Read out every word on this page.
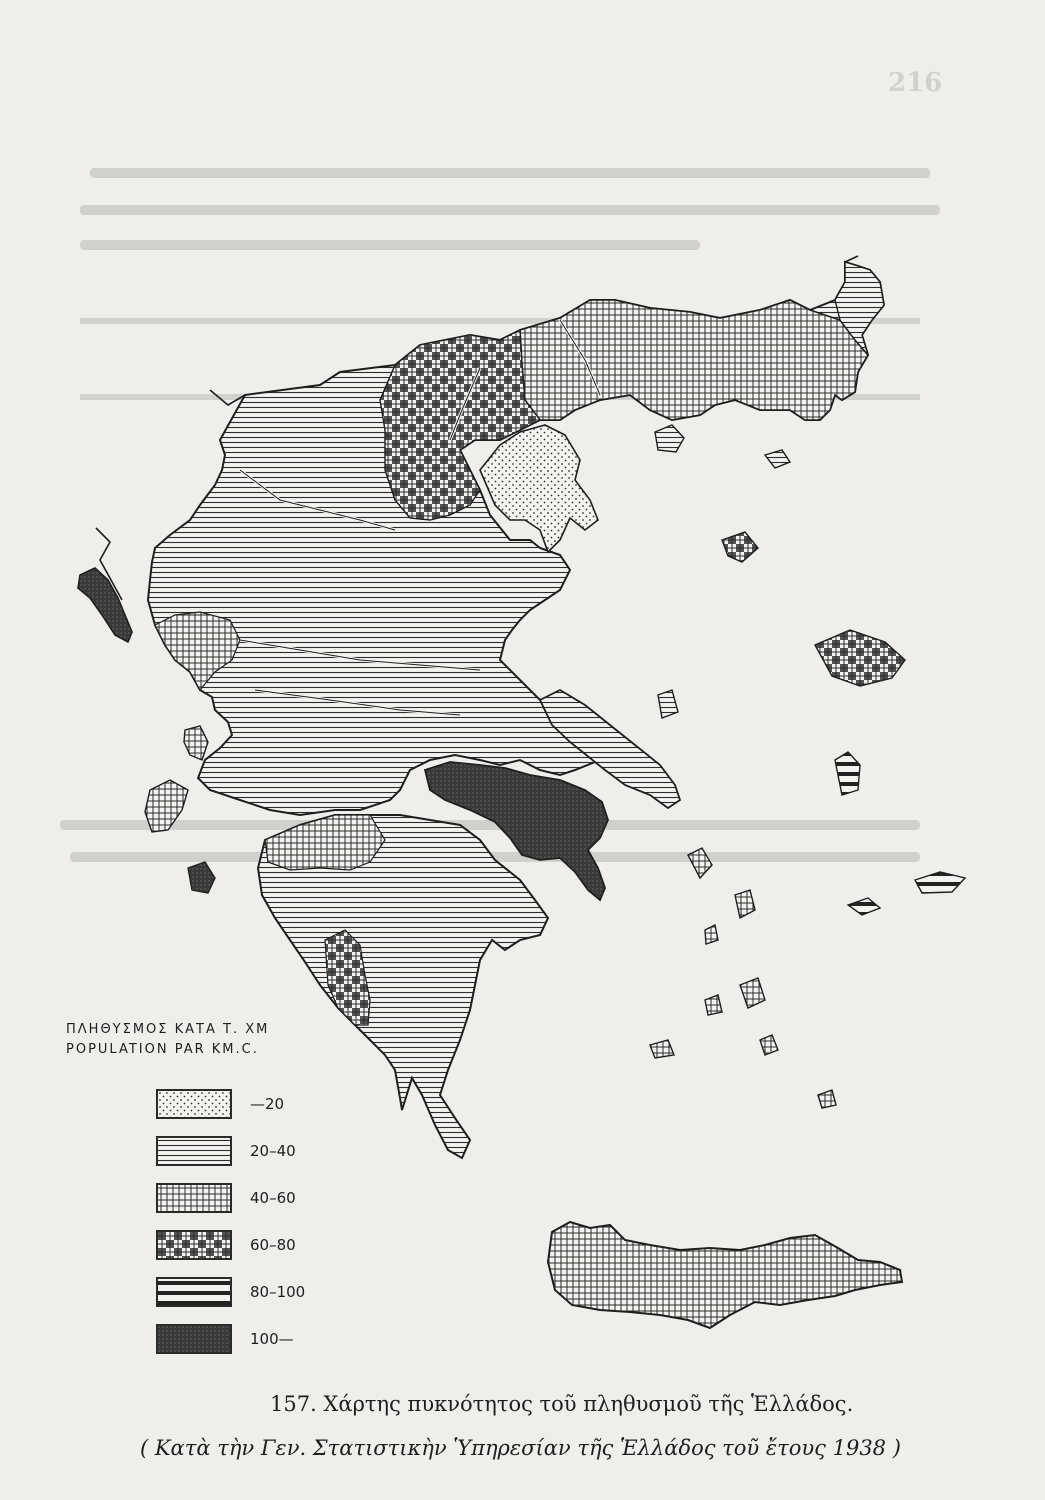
216
ΠΛΗΘΥΣΜΟΣ ΚΑΤΑ Τ. ΧΜ
POPULATION PAR KM.C.
—20
20–40
40–60
60–80
80–100
100—
157. Χάρτης πυκνότητος τοῦ πληθυσμοῦ τῆς Ἑλλάδος.
( Κατὰ τὴν Γεν. Στατιστικὴν Ὑπηρεσίαν τῆς Ἑλλάδος τοῦ ἔτους 1938 )
